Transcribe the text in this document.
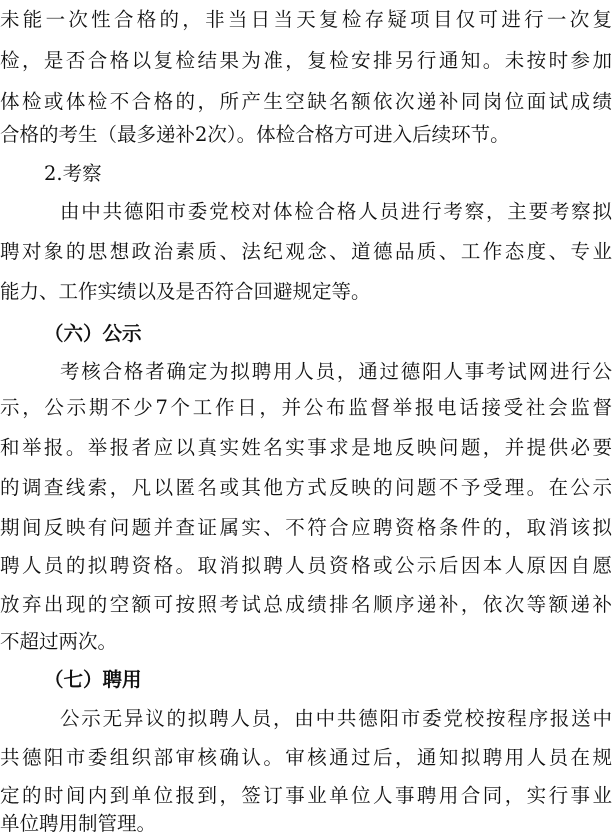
未能一次性合格的，非当日当天复检存疑项目仅可进行一次复
检，是否合格以复检结果为准，复检安排另行通知。未按时参加
体检或体检不合格的，所产生空缺名额依次递补同岗位面试成绩
合格的考生（最多递补2次）。体检合格方可进入后续环节。
2.考察
由中共德阳市委党校对体检合格人员进行考察，主要考察拟
聘对象的思想政治素质、法纪观念、道德品质、工作态度、专业
能力、工作实绩以及是否符合回避规定等。
（六）公示
考核合格者确定为拟聘用人员，通过德阳人事考试网进行公
示，公示期不少7个工作日，并公布监督举报电话接受社会监督
和举报。举报者应以真实姓名实事求是地反映问题，并提供必要
的调查线索，凡以匿名或其他方式反映的问题不予受理。在公示
期间反映有问题并查证属实、不符合应聘资格条件的，取消该拟
聘人员的拟聘资格。取消拟聘人员资格或公示后因本人原因自愿
放弃出现的空额可按照考试总成绩排名顺序递补，依次等额递补
不超过两次。
（七）聘用
公示无异议的拟聘人员，由中共德阳市委党校按程序报送中
共德阳市委组织部审核确认。审核通过后，通知拟聘用人员在规
定的时间内到单位报到，签订事业单位人事聘用合同，实行事业
单位聘用制管理。
